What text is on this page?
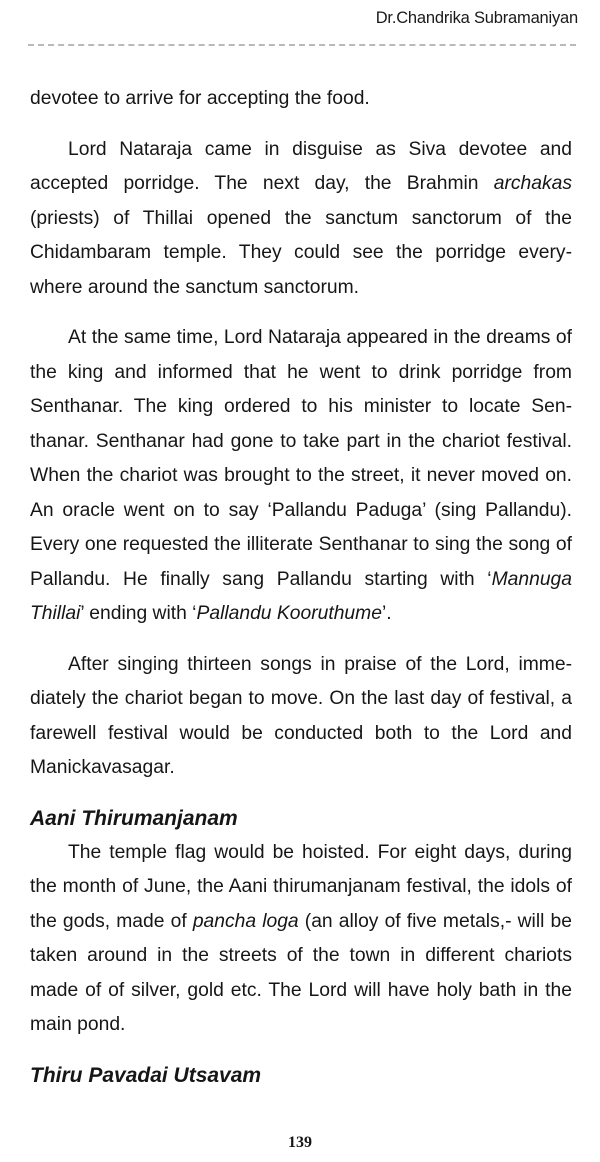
Dr.Chandrika Subramaniyan

devotee to arrive for accepting the food.

Lord Nataraja came in disguise as Siva devotee and accepted porridge. The next day, the Brahmin archakas (priests) of Thillai opened the sanctum sanctorum of the Chidambaram temple. They could see the porridge every-where around the sanctum sanctorum.

At the same time, Lord Nataraja appeared in the dreams of the king and informed that he went to drink porridge from Senthanar. The king ordered to his minister to locate Sen-thanar. Senthanar had gone to take part in the chariot festival. When the chariot was brought to the street, it never moved on. An oracle went on to say ‘Pallandu Paduga’ (sing Pallandu). Every one requested the illiterate Senthanar to sing the song of Pallandu. He finally sang Pallandu starting with ‘Mannuga Thillai’ ending with ‘Pallandu Kooruthume’.

After singing thirteen songs in praise of the Lord, imme-diately the chariot began to move. On the last day of festival, a farewell festival would be conducted both to the Lord and Manickavasagar.

Aani Thirumanjanam

The temple flag would be hoisted. For eight days, during the month of June, the Aani thirumanjanam festival, the idols of the gods, made of pancha loga (an alloy of five metals,- will be taken around in the streets of the town in different chariots made of of silver, gold etc. The Lord will have holy bath in the main pond.

Thiru Pavadai Utsavam
139
